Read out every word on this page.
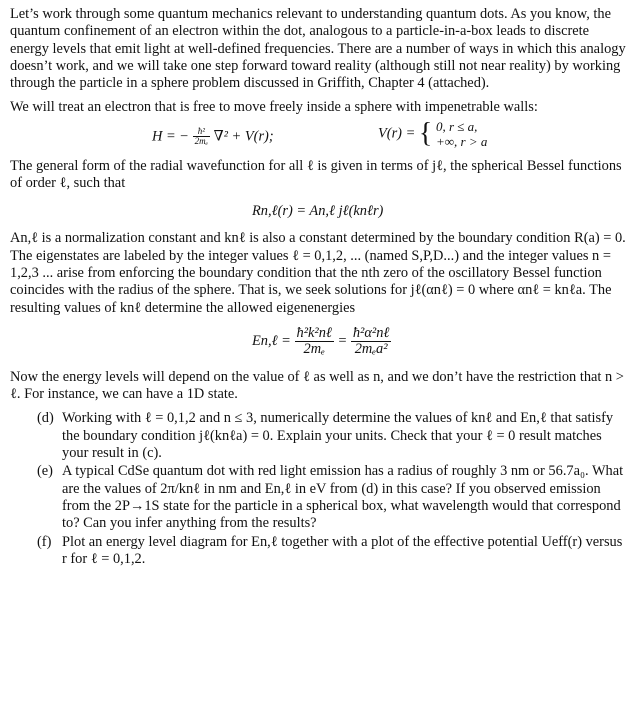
Let’s work through some quantum mechanics relevant to understanding quantum dots. As you know, the quantum confinement of an electron within the dot, analogous to a particle-in-a-box leads to discrete energy levels that emit light at well-defined frequencies. There are a number of ways in which this analogy doesn’t work, and we will take one step forward toward reality (although still not near reality) by working through the particle in a sphere problem discussed in Griffith, Chapter 4 (attached).

We will treat an electron that is free to move freely inside a sphere with impenetrable walls:

H = − $\frac{\text{ħ²}}{\text{2mₑ}} \nabla^2 + V(r)$;	V(r) = { 0, r ≤ a,
+∞, r > a

The general form of the radial wavefunction for all ℓ is given in terms of jℓ, the spherical Bessel functions of order ℓ, such that

Rn,ℓ(r) = An,ℓ jℓ(knℓr)

An,ℓ is a normalization constant and knℓ is also a constant determined by the boundary condition R(a) = 0. The eigenstates are labeled by the integer values ℓ = 0,1,2, ... (named S,P,D...) and the integer values n = 1,2,3 ... arise from enforcing the boundary condition that the nth zero of the oscillatory Bessel function coincides with the radius of the sphere. That is, we seek solutions for jℓ(αnℓ) = 0 where αnℓ = knℓa. The resulting values of knℓ determine the allowed eigenenergies

En,ℓ = $\frac{\text{ħ²k²nℓ}}{\text{2mₑ}} = \frac{\text{ħ²α²nℓ}}{\text{2mₑa²}}$

Now the energy levels will depend on the value of ℓ as well as n, and we don’t have the restriction that n > ℓ. For instance, we can have a 1D state.

(d) Working with ℓ = 0,1,2 and n ≤ 3, numerically determine the values of knℓ and En,ℓ that satisfy the boundary condition jℓ(knℓa) = 0. Explain your units. Check that your ℓ = 0 result matches your result in (c).
(e) A typical CdSe quantum dot with red light emission has a radius of roughly 3 nm or 56.7a₀. What are the values of 2π/knℓ in nm and En,ℓ in eV from (d) in this case? If you observed emission from the 2P→1S state for the particle in a spherical box, what wavelength would that correspond to? Can you infer anything from the results?
(f) Plot an energy level diagram for En,ℓ together with a plot of the effective potential Ueff(r) versus r for ℓ = 0,1,2.
